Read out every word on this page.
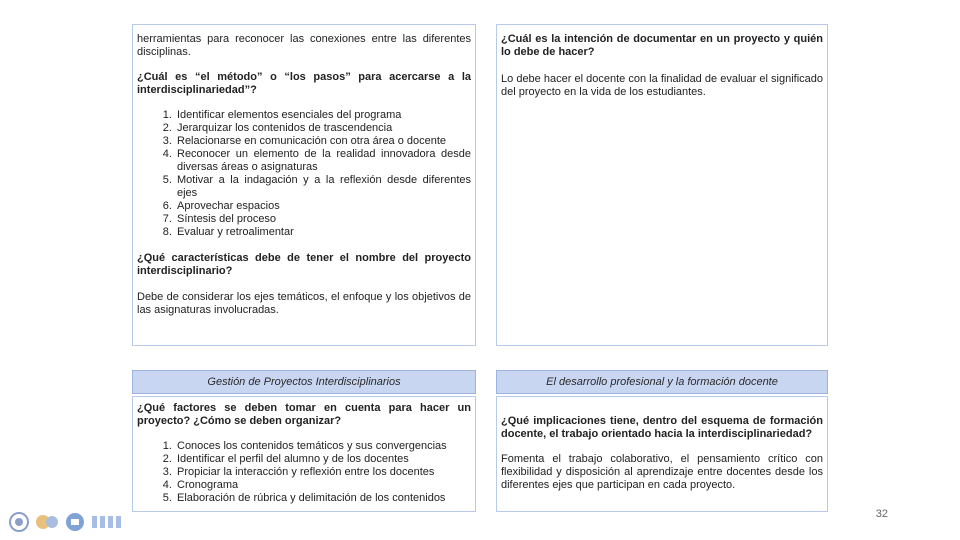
herramientas para reconocer las conexiones entre las diferentes disciplinas.

¿Cuál es “el método” o “los pasos” para acercarse a la interdisciplinariedad”?

1. Identificar elementos esenciales del programa
2. Jerarquizar los contenidos de trascendencia
3. Relacionarse en comunicación con otra área o docente
4. Reconocer un elemento de la realidad innovadora desde diversas áreas o asignaturas
5. Motivar a la indagación y a la reflexión desde diferentes ejes
6. Aprovechar espacios
7. Síntesis del proceso
8. Evaluar y retroalimentar

¿Qué características debe de tener el nombre del proyecto interdisciplinario?

Debe de considerar los ejes temáticos, el enfoque y los objetivos de las asignaturas involucradas.

¿Cuál es la intención de documentar en un proyecto y quién lo debe de hacer?

Lo debe hacer el docente con la finalidad de evaluar el significado del proyecto en la vida de los estudiantes.

Gestión de Proyectos Interdisciplinarios

¿Qué factores se deben tomar en cuenta para hacer un proyecto? ¿Cómo se deben organizar?

1. Conoces los contenidos temáticos y sus convergencias
2. Identificar el perfil del alumno y de los docentes
3. Propiciar la interacción y reflexión entre los docentes
4. Cronograma
5. Elaboración de rúbrica y delimitación de los contenidos
El desarrollo profesional y la formación docente

¿Qué implicaciones tiene, dentro del esquema de formación docente, el trabajo orientado hacia la interdisciplinariedad?

Fomenta el trabajo colaborativo, el pensamiento crítico con flexibilidad y disposición al aprendizaje entre docentes desde los diferentes ejes que participan en cada proyecto.

32
